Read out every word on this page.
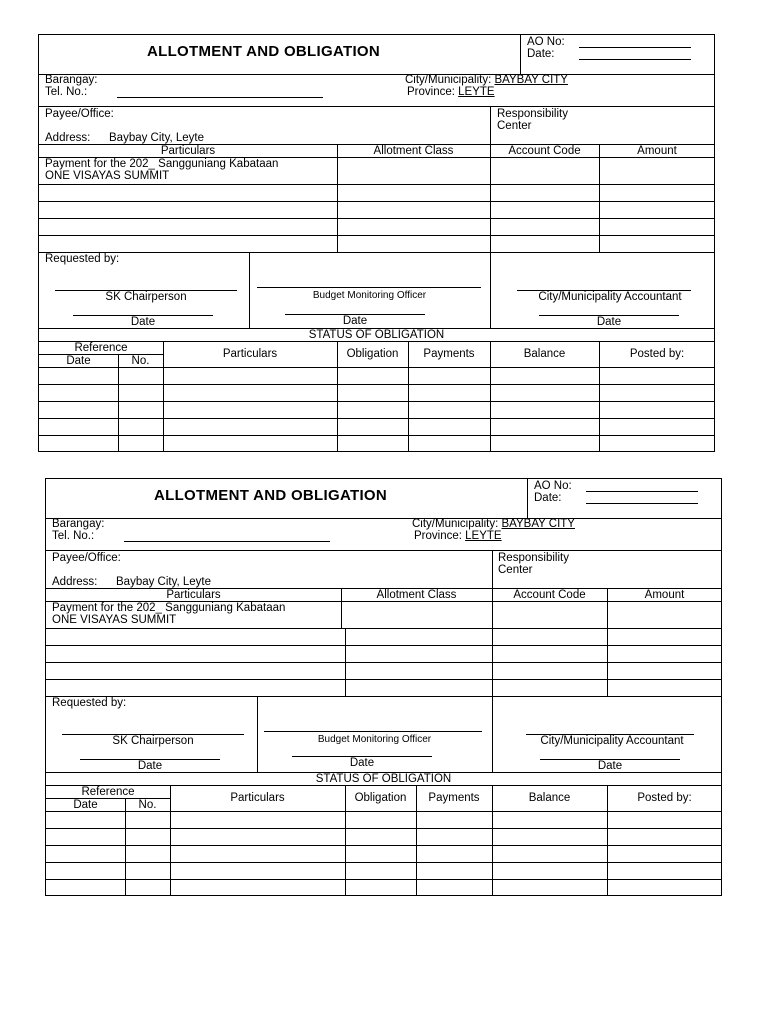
ALLOTMENT AND OBLIGATION
AO No:
Date:
Barangay:
Tel. No.:
City/Municipality: BAYBAY CITY
Province: LEYTE
Payee/Office:
Address: Baybay City, Leyte
Responsibility
Center
Particulars	Allotment Class	Account Code	Amount
Payment for the 202_ Sangguniang Kabataan
ONE VISAYAS SUMMIT
Requested by:
SK Chairperson
Date
Budget Monitoring Officer
Date
City/Municipality Accountant
Date
STATUS OF OBLIGATION
Reference
Date	No.
Particulars	Obligation	Payments	Balance	Posted by:
ALLOTMENT AND OBLIGATION
AO No:
Date:
Barangay:
Tel. No.:
City/Municipality: BAYBAY CITY
Province: LEYTE
Payee/Office:
Address: Baybay City, Leyte
Responsibility
Center
Particulars	Allotment Class	Account Code	Amount
Payment for the 202_ Sangguniang Kabataan
ONE VISAYAS SUMMIT
Requested by:
SK Chairperson
Date
Budget Monitoring Officer
Date
City/Municipality Accountant
Date
STATUS OF OBLIGATION
Reference
Date	No.
Particulars	Obligation	Payments	Balance	Posted by:
